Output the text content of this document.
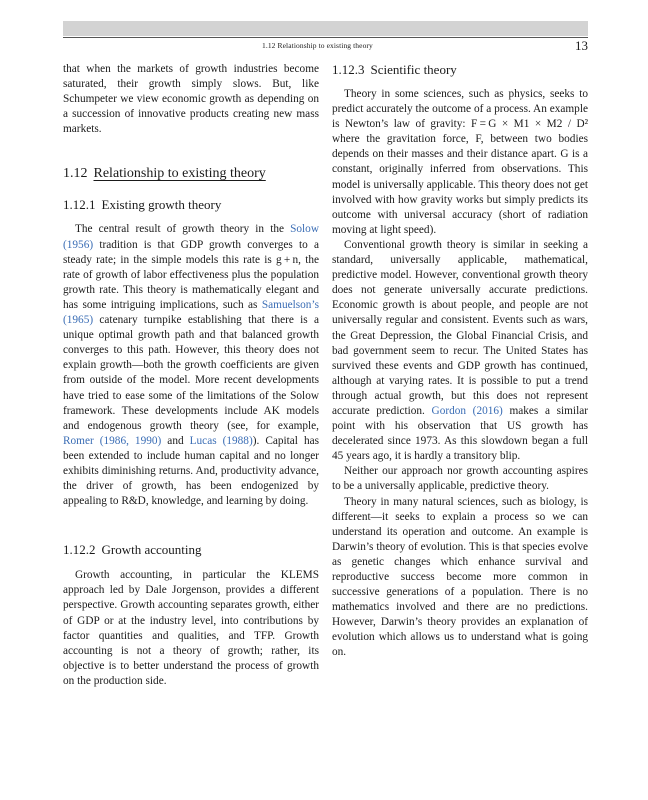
1.12 Relationship to existing theory	13

that when the markets of growth industries become saturated, their growth simply slows. But, like Schumpeter we view economic growth as depending on a succession of innovative products creating new mass markets.

1.12 Relationship to existing theory
1.12.1 Existing growth theory

The central result of growth theory in the Solow (1956) tradition is that GDP growth converges to a steady rate; in the simple models this rate is g + n, the rate of growth of labor effectiveness plus the population growth rate. This theory is mathematically elegant and has some intriguing implications, such as Samuelson’s (1965) catenary turnpike establishing that there is a unique optimal growth path and that balanced growth converges to this path. However, this theory does not explain growth—both the growth coefficients are given from outside of the model. More recent developments have tried to ease some of the limitations of the Solow framework. These developments include AK models and endogenous growth theory (see, for example, Romer (1986, 1990) and Lucas (1988)). Capital has been extended to include human capital and no longer exhibits diminishing returns. And, productivity advance, the driver of growth, has been endogenized by appealing to R&D, knowledge, and learning by doing.

1.12.2 Growth accounting

Growth accounting, in particular the KLEMS approach led by Dale Jorgenson, provides a different perspective. Growth accounting separates growth, either of GDP or at the industry level, into contributions by factor quantities and qualities, and TFP. Growth accounting is not a theory of growth; rather, its objective is to better understand the process of growth on the production side.

1.12.3 Scientific theory

Theory in some sciences, such as physics, seeks to predict accurately the outcome of a process. An example is Newton’s law of gravity: F = G × M1 × M2 / D² where the gravitation force, F, between two bodies depends on their masses and their distance apart. G is a constant, originally inferred from observations. This model is universally applicable. This theory does not get involved with how gravity works but simply predicts its outcome with universal accuracy (short of radiation moving at light speed).

Conventional growth theory is similar in seeking a standard, universally applicable, mathematical, predictive model. However, conventional growth theory does not generate universally accurate predictions. Economic growth is about people, and people are not universally regular and consistent. Events such as wars, the Great Depression, the Global Financial Crisis, and bad government seem to recur. The United States has survived these events and GDP growth has continued, although at varying rates. It is possible to put a trend through actual growth, but this does not represent accurate prediction. Gordon (2016) makes a similar point with his observation that US growth has decelerated since 1973. As this slowdown began a full 45 years ago, it is hardly a transitory blip.

Neither our approach nor growth accounting aspires to be a universally applicable, predictive theory.

Theory in many natural sciences, such as biology, is different—it seeks to explain a process so we can understand its operation and outcome. An example is Darwin’s theory of evolution. This is that species evolve as genetic changes which enhance survival and reproductive success become more common in successive generations of a population. There is no mathematics involved and there are no predictions. However, Darwin’s theory provides an explanation of evolution which allows us to understand what is going on.
